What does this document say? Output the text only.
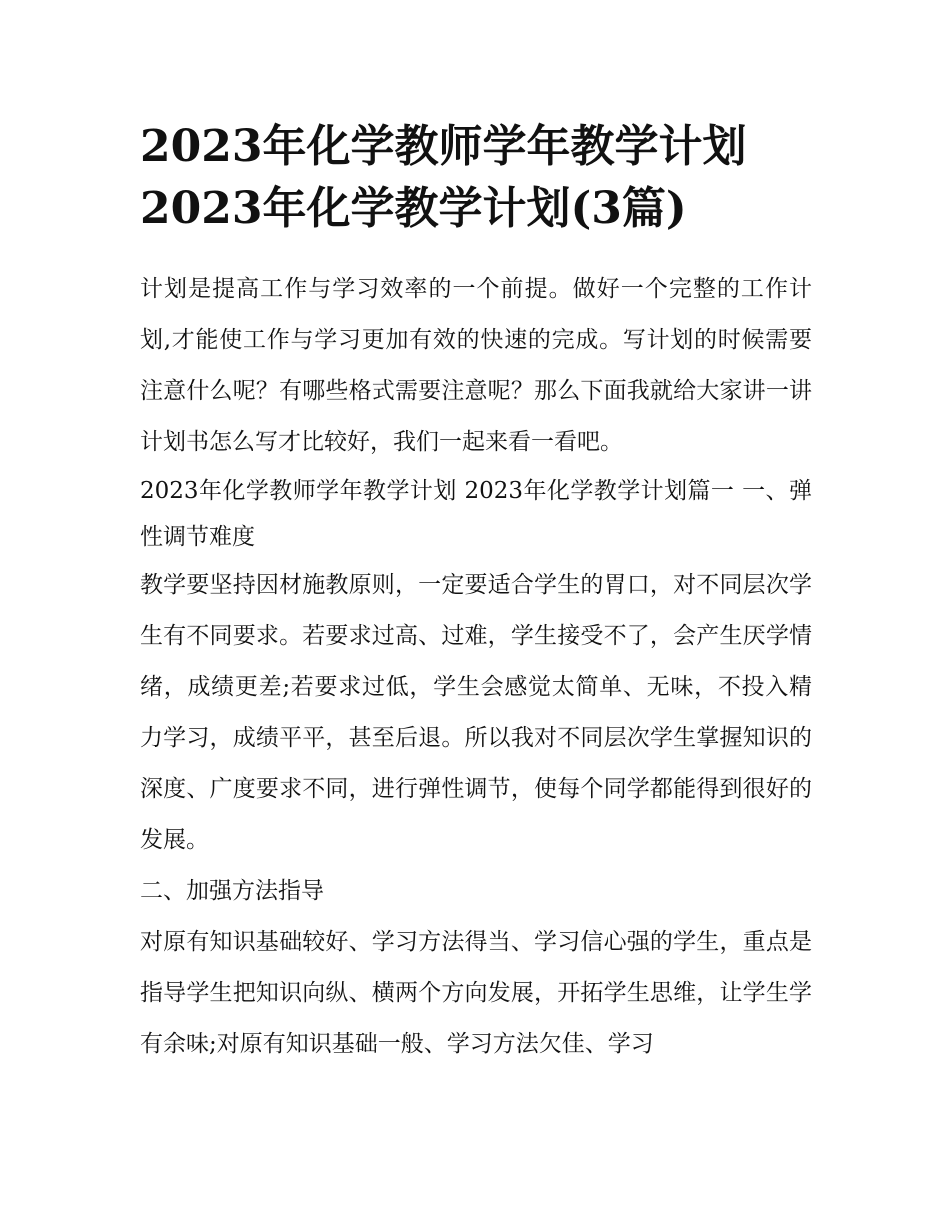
2023年化学教师学年教学计划
2023年化学教学计划(3篇)

计划是提高工作与学习效率的一个前提。做好一个完整的工作计划,才能使工作与学习更加有效的快速的完成。写计划的时候需要注意什么呢？有哪些格式需要注意呢？那么下面我就给大家讲一讲计划书怎么写才比较好，我们一起来看一看吧。

2023年化学教师学年教学计划 2023年化学教学计划篇一 一、弹性调节难度

教学要坚持因材施教原则，一定要适合学生的胃口，对不同层次学生有不同要求。若要求过高、过难，学生接受不了，会产生厌学情绪，成绩更差;若要求过低，学生会感觉太简单、无味，不投入精力学习，成绩平平，甚至后退。所以我对不同层次学生掌握知识的深度、广度要求不同，进行弹性调节，使每个同学都能得到很好的发展。

二、加强方法指导

对原有知识基础较好、学习方法得当、学习信心强的学生，重点是指导学生把知识向纵、横两个方向发展，开拓学生思维，让学生学有余味;对原有知识基础一般、学习方法欠佳、学习
